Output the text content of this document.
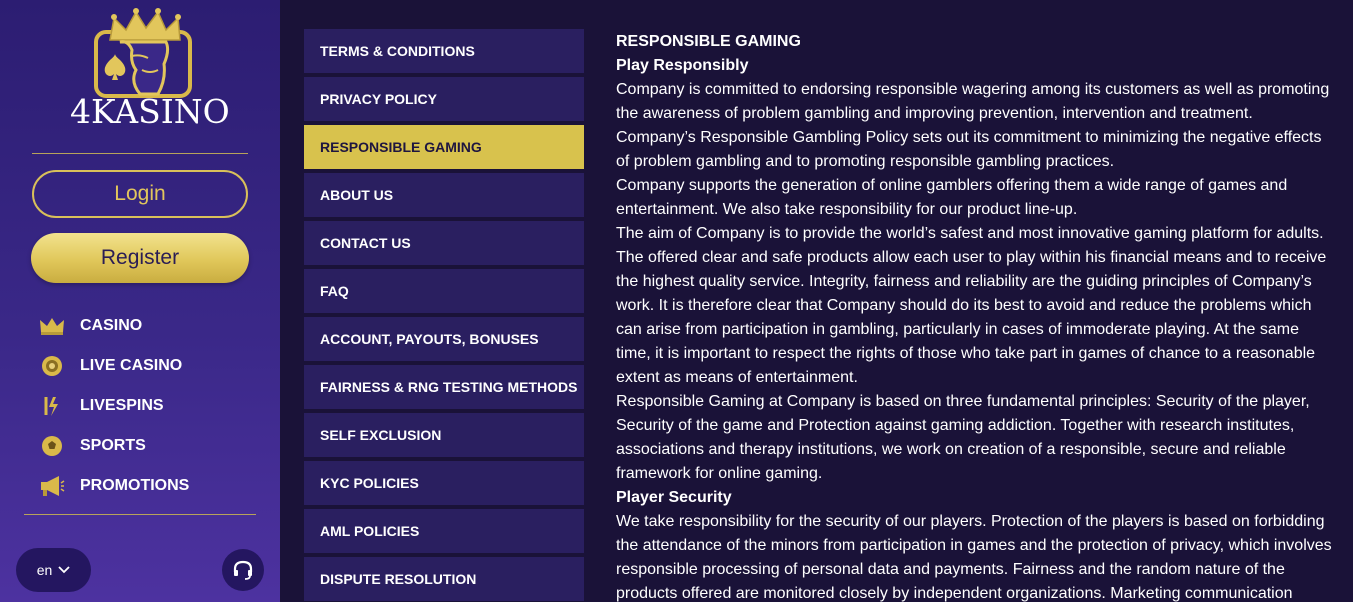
4KASINO
Login
Register
CASINO
LIVE CASINO
LIVESPINS
SPORTS
PROMOTIONS
en
TERMS & CONDITIONS
PRIVACY POLICY
RESPONSIBLE GAMING
ABOUT US
CONTACT US
FAQ
ACCOUNT, PAYOUTS, BONUSES
FAIRNESS & RNG TESTING METHODS
SELF EXCLUSION
KYC POLICIES
AML POLICIES
DISPUTE RESOLUTION
RESPONSIBLE GAMING
Play Responsibly

Company is committed to endorsing responsible wagering among its customers as well as promoting the awareness of problem gambling and improving prevention, intervention and treatment.

Company’s Responsible Gambling Policy sets out its commitment to minimizing the negative effects of problem gambling and to promoting responsible gambling practices.

Company supports the generation of online gamblers offering them a wide range of games and entertainment. We also take responsibility for our product line-up.

The aim of Company is to provide the world’s safest and most innovative gaming platform for adults. The offered clear and safe products allow each user to play within his financial means and to receive the highest quality service. Integrity, fairness and reliability are the guiding principles of Company’s work. It is therefore clear that Company should do its best to avoid and reduce the problems which can arise from participation in gambling, particularly in cases of immoderate playing. At the same time, it is important to respect the rights of those who take part in games of chance to a reasonable extent as means of entertainment.

Responsible Gaming at Company is based on three fundamental principles: Security of the player, Security of the game and Protection against gaming addiction. Together with research institutes, associations and therapy institutions, we work on creation of a responsible, secure and reliable framework for online gaming.

Player Security

We take responsibility for the security of our players. Protection of the players is based on forbidding the attendance of the minors from participation in games and the protection of privacy, which involves responsible processing of personal data and payments. Fairness and the random nature of the products offered are monitored closely by independent organizations. Marketing communication
